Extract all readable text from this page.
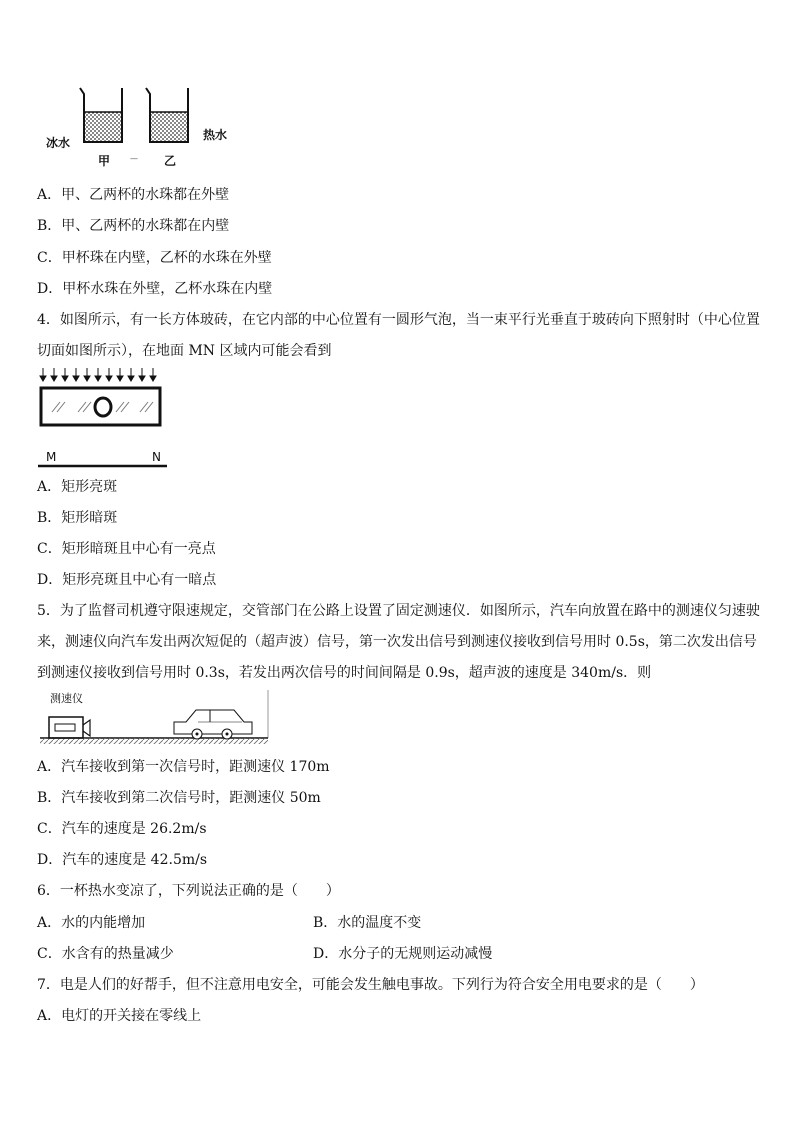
冰水
热水
甲 — 乙
A．甲、乙两杯的水珠都在外壁
B．甲、乙两杯的水珠都在内壁
C．甲杯珠在内壁，乙杯的水珠在外壁
D．甲杯水珠在外壁，乙杯水珠在内壁
4．如图所示，有一长方体玻砖，在它内部的中心位置有一圆形气泡，当一束平行光垂直于玻砖向下照射时（中心位置
切面如图所示），在地面 MN 区域内可能会看到
M	N
A．矩形亮斑
B．矩形暗斑
C．矩形暗斑且中心有一亮点
D．矩形亮斑且中心有一暗点
5．为了监督司机遵守限速规定，交管部门在公路上设置了固定测速仪．如图所示，汽车向放置在路中的测速仪匀速驶
来，测速仪向汽车发出两次短促的（超声波）信号，第一次发出信号到测速仪接收到信号用时 0.5s，第二次发出信号
到测速仪接收到信号用时 0.3s，若发出两次信号的时间间隔是 0.9s，超声波的速度是 340m/s．则
测速仪
A．汽车接收到第一次信号时，距测速仪 170m
B．汽车接收到第二次信号时，距测速仪 50m
C．汽车的速度是 26.2m/s
D．汽车的速度是 42.5m/s
6．一杯热水变凉了，下列说法正确的是（　　）
A．水的内能增加	B．水的温度不变
C．水含有的热量减少	D．水分子的无规则运动减慢
7．电是人们的好帮手，但不注意用电安全，可能会发生触电事故。下列行为符合安全用电要求的是（　　）
A．电灯的开关接在零线上
